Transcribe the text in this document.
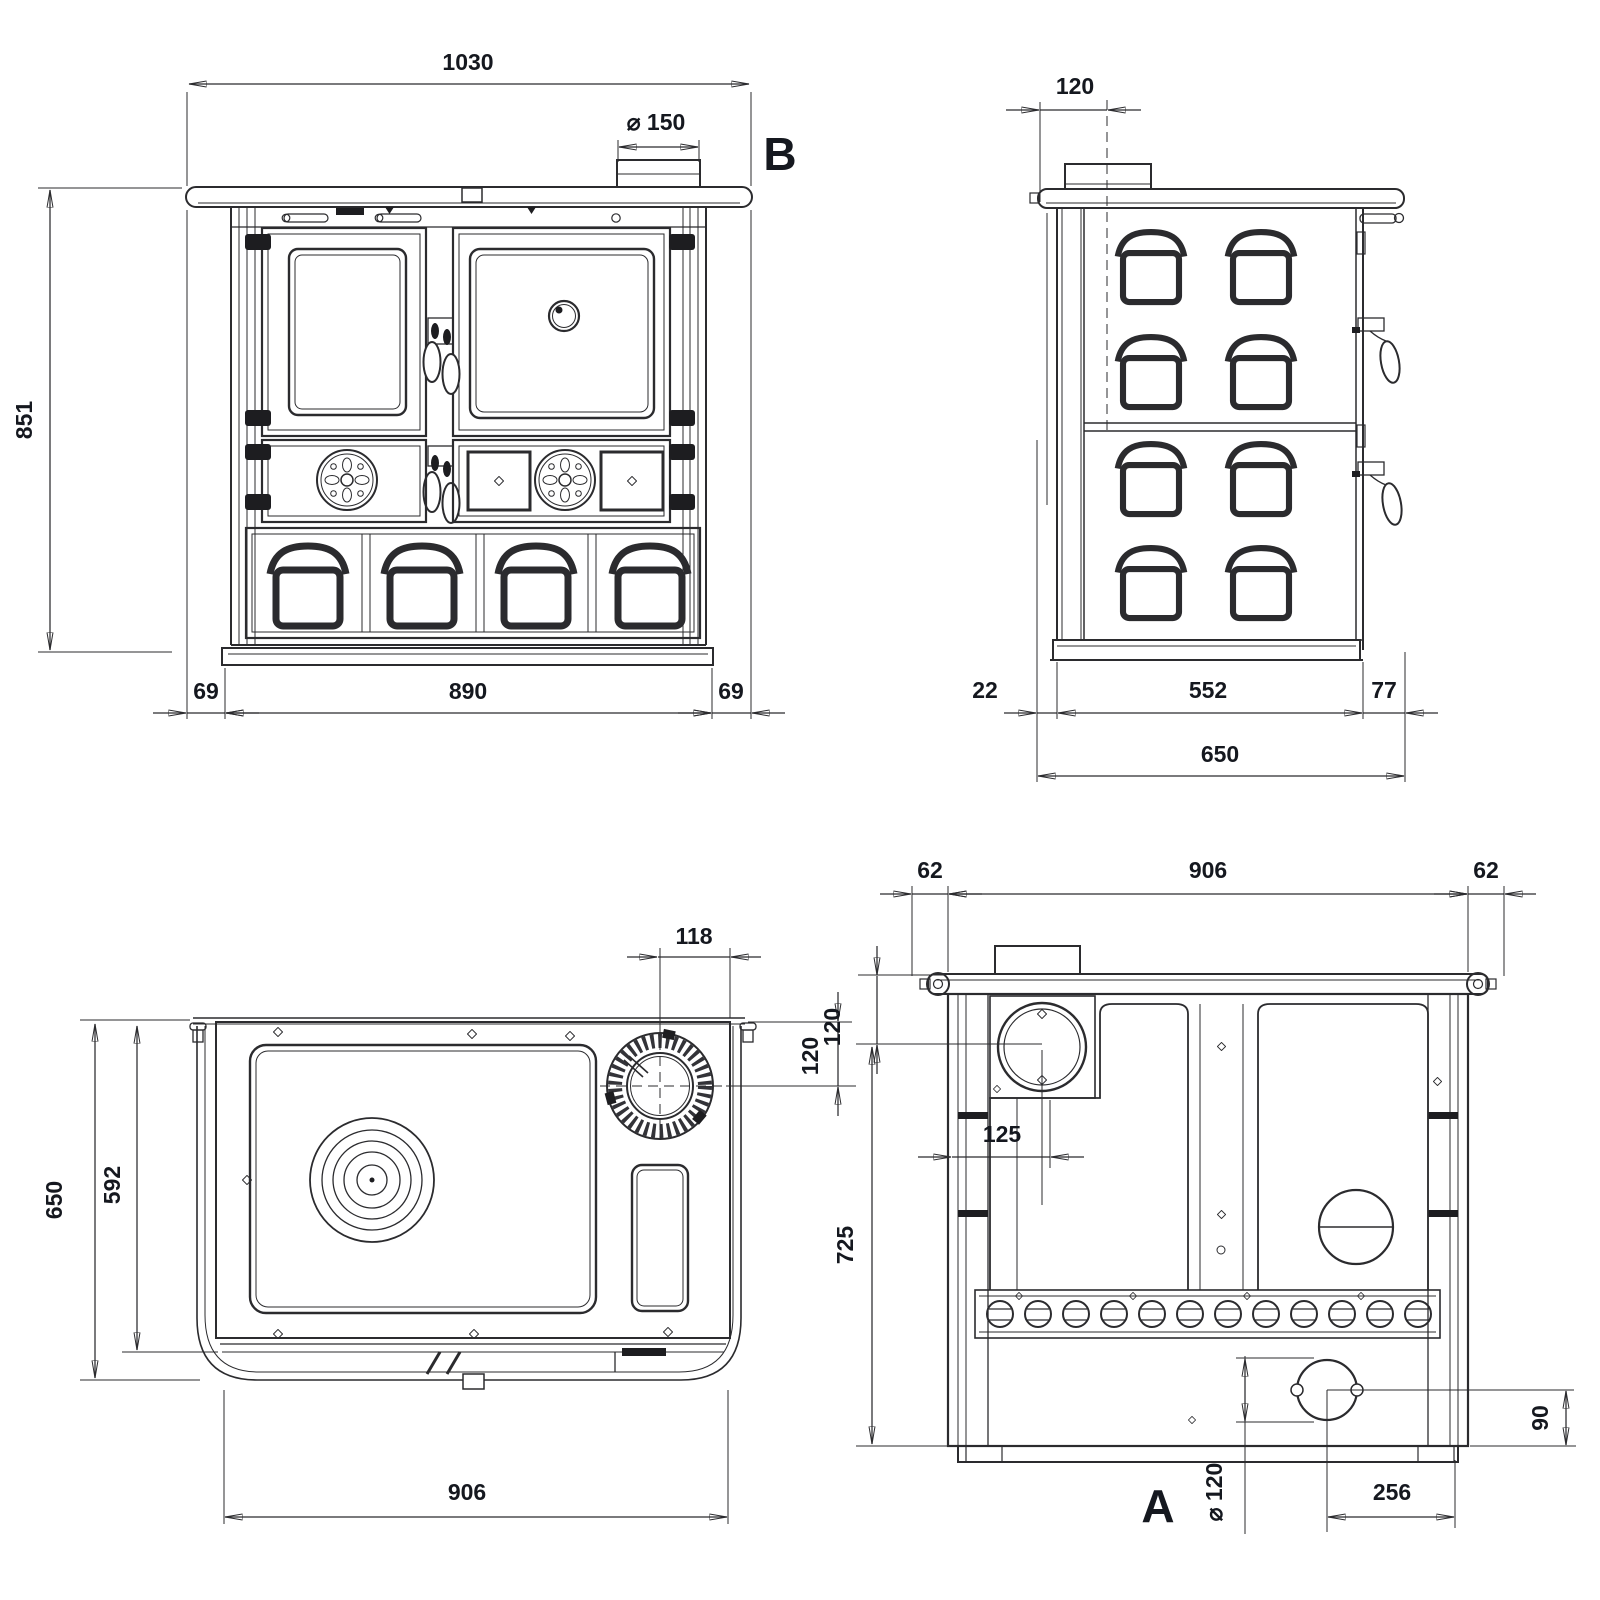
1030
⌀ 150
B
851
69	890	69
120
22	552	77
650
118
120
650 592
906
62	906	62
120
125
725
⌀ 120	256
90
A
